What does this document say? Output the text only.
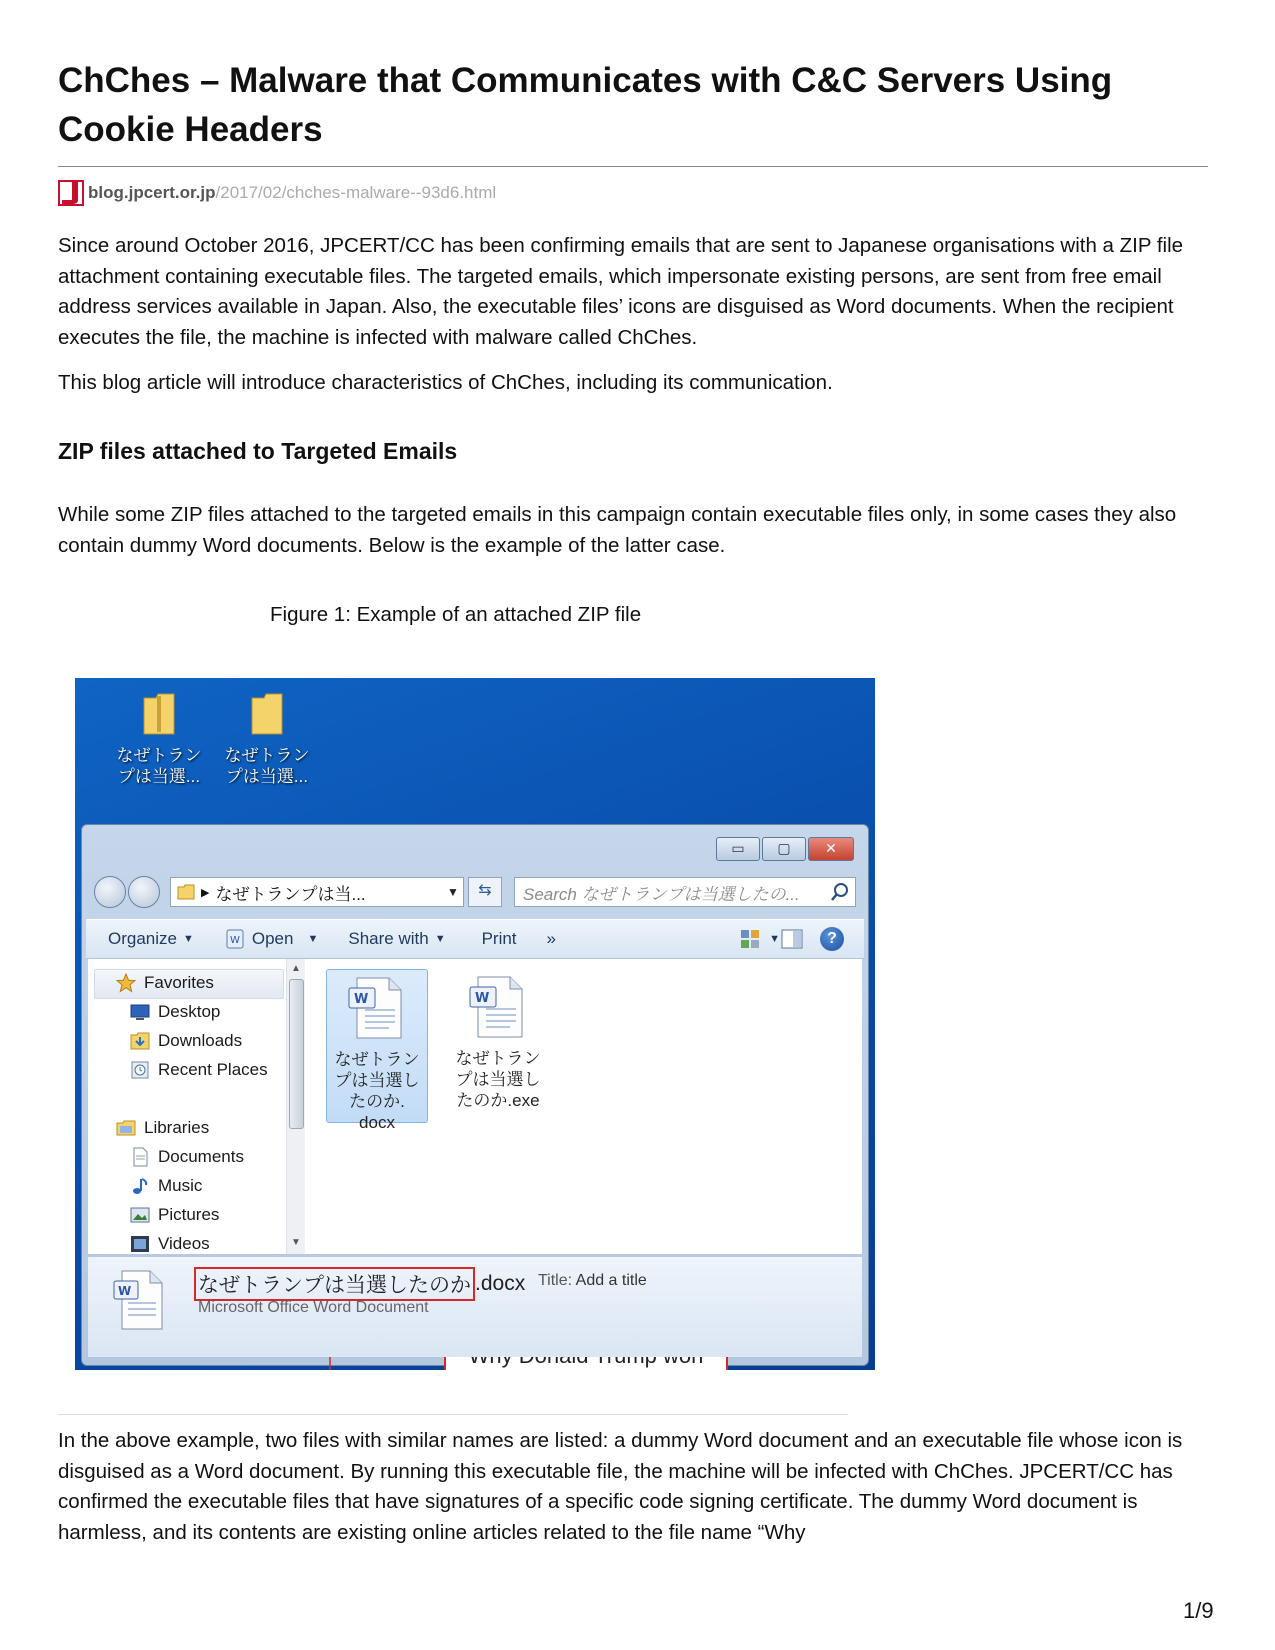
ChChes – Malware that Communicates with C&C Servers Using Cookie Headers
blog.jpcert.or.jp /2017/02/chches-malware--93d6.html

Since around October 2016, JPCERT/CC has been confirming emails that are sent to Japanese organisations with a ZIP file attachment containing executable files. The targeted emails, which impersonate existing persons, are sent from free email address services available in Japan. Also, the executable files’ icons are disguised as Word documents. When the recipient executes the file, the machine is infected with malware called ChChes.

This blog article will introduce characteristics of ChChes, including its communication.

ZIP files attached to Targeted Emails

While some ZIP files attached to the targeted emails in this campaign contain executable files only, in some cases they also contain dummy Word documents. Below is the example of the latter case.

Figure 1: Example of an attached ZIP file
なぜトラン
プは当選...
なぜトラン
プは当選...
▭	▢	✕
▶ なぜトランプは当...	▼	⇆	Search なぜトランプは当選したの...
Organize ▼	W Open ▼ Share with ▼ Print »	▼	?
Favorites
Desktop
Downloads
Recent Places
Libraries
Documents
Music
Pictures
Videos
▲
▼
W
なぜトラン
プは当選し
たのか.
docx
W
なぜトラン
プは当選し
たのか.exe
W	なぜトランプは当選したのか .docx
Microsoft Office Word Document
Title: Add a title

In the above example, two files with similar names are listed: a dummy Word document and an executable file whose icon is disguised as a Word document. By running this executable file, the machine will be infected with ChChes. JPCERT/CC has confirmed the executable files that have signatures of a specific code signing certificate. The dummy Word document is harmless, and its contents are existing online articles related to the file name “Why

1/9
